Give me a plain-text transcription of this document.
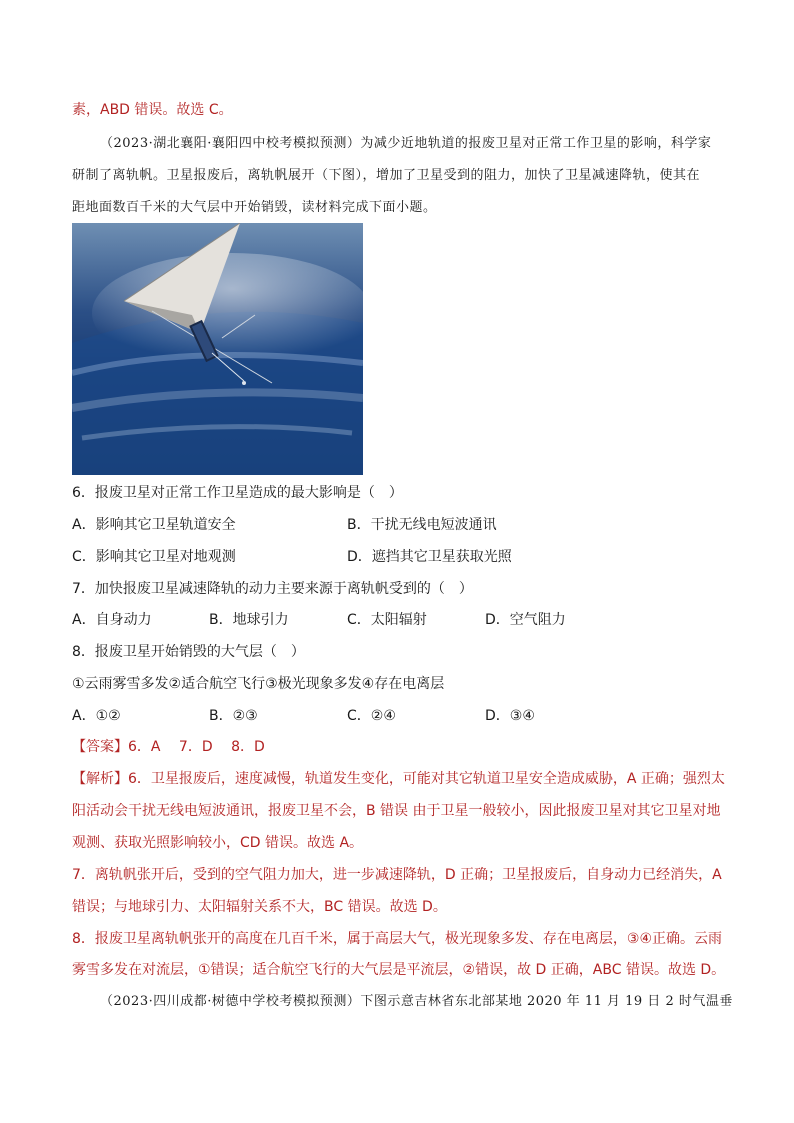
素，ABD 错误。故选 C。
（2023·湖北襄阳·襄阳四中校考模拟预测）为减少近地轨道的报废卫星对正常工作卫星的影响，科学家
研制了离轨帆。卫星报废后，离轨帆展开（下图），增加了卫星受到的阻力，加快了卫星减速降轨，使其在
距地面数百千米的大气层中开始销毁，读材料完成下面小题。
6．报废卫星对正常工作卫星造成的最大影响是（　）
A．影响其它卫星轨道安全	B．干扰无线电短波通讯
C．影响其它卫星对地观测	D．遮挡其它卫星获取光照
7．加快报废卫星减速降轨的动力主要来源于离轨帆受到的（　）
A．自身动力	B．地球引力	C．太阳辐射	D．空气阻力
8．报废卫星开始销毁的大气层（　）
①云雨雾雪多发②适合航空飞行③极光现象多发④存在电离层
A．①②	B．②③	C．②④	D．③④
【答案】6．A　 7．D　 8．D
【解析】6．卫星报废后，速度减慢，轨道发生变化，可能对其它轨道卫星安全造成威胁，A 正确；强烈太
阳活动会干扰无线电短波通讯，报废卫星不会，B 错误 由于卫星一般较小，因此报废卫星对其它卫星对地
观测、获取光照影响较小，CD 错误。故选 A。
7．离轨帆张开后，受到的空气阻力加大，进一步减速降轨，D 正确；卫星报废后，自身动力已经消失，A
错误；与地球引力、太阳辐射关系不大，BC 错误。故选 D。
8．报废卫星离轨帆张开的高度在几百千米，属于高层大气，极光现象多发、存在电离层，③④正确。云雨
雾雪多发在对流层，①错误；适合航空飞行的大气层是平流层，②错误，故 D 正确，ABC 错误。故选 D。
（2023·四川成都·树德中学校考模拟预测）下图示意吉林省东北部某地 2020 年 11 月 19 日 2 时气温垂
